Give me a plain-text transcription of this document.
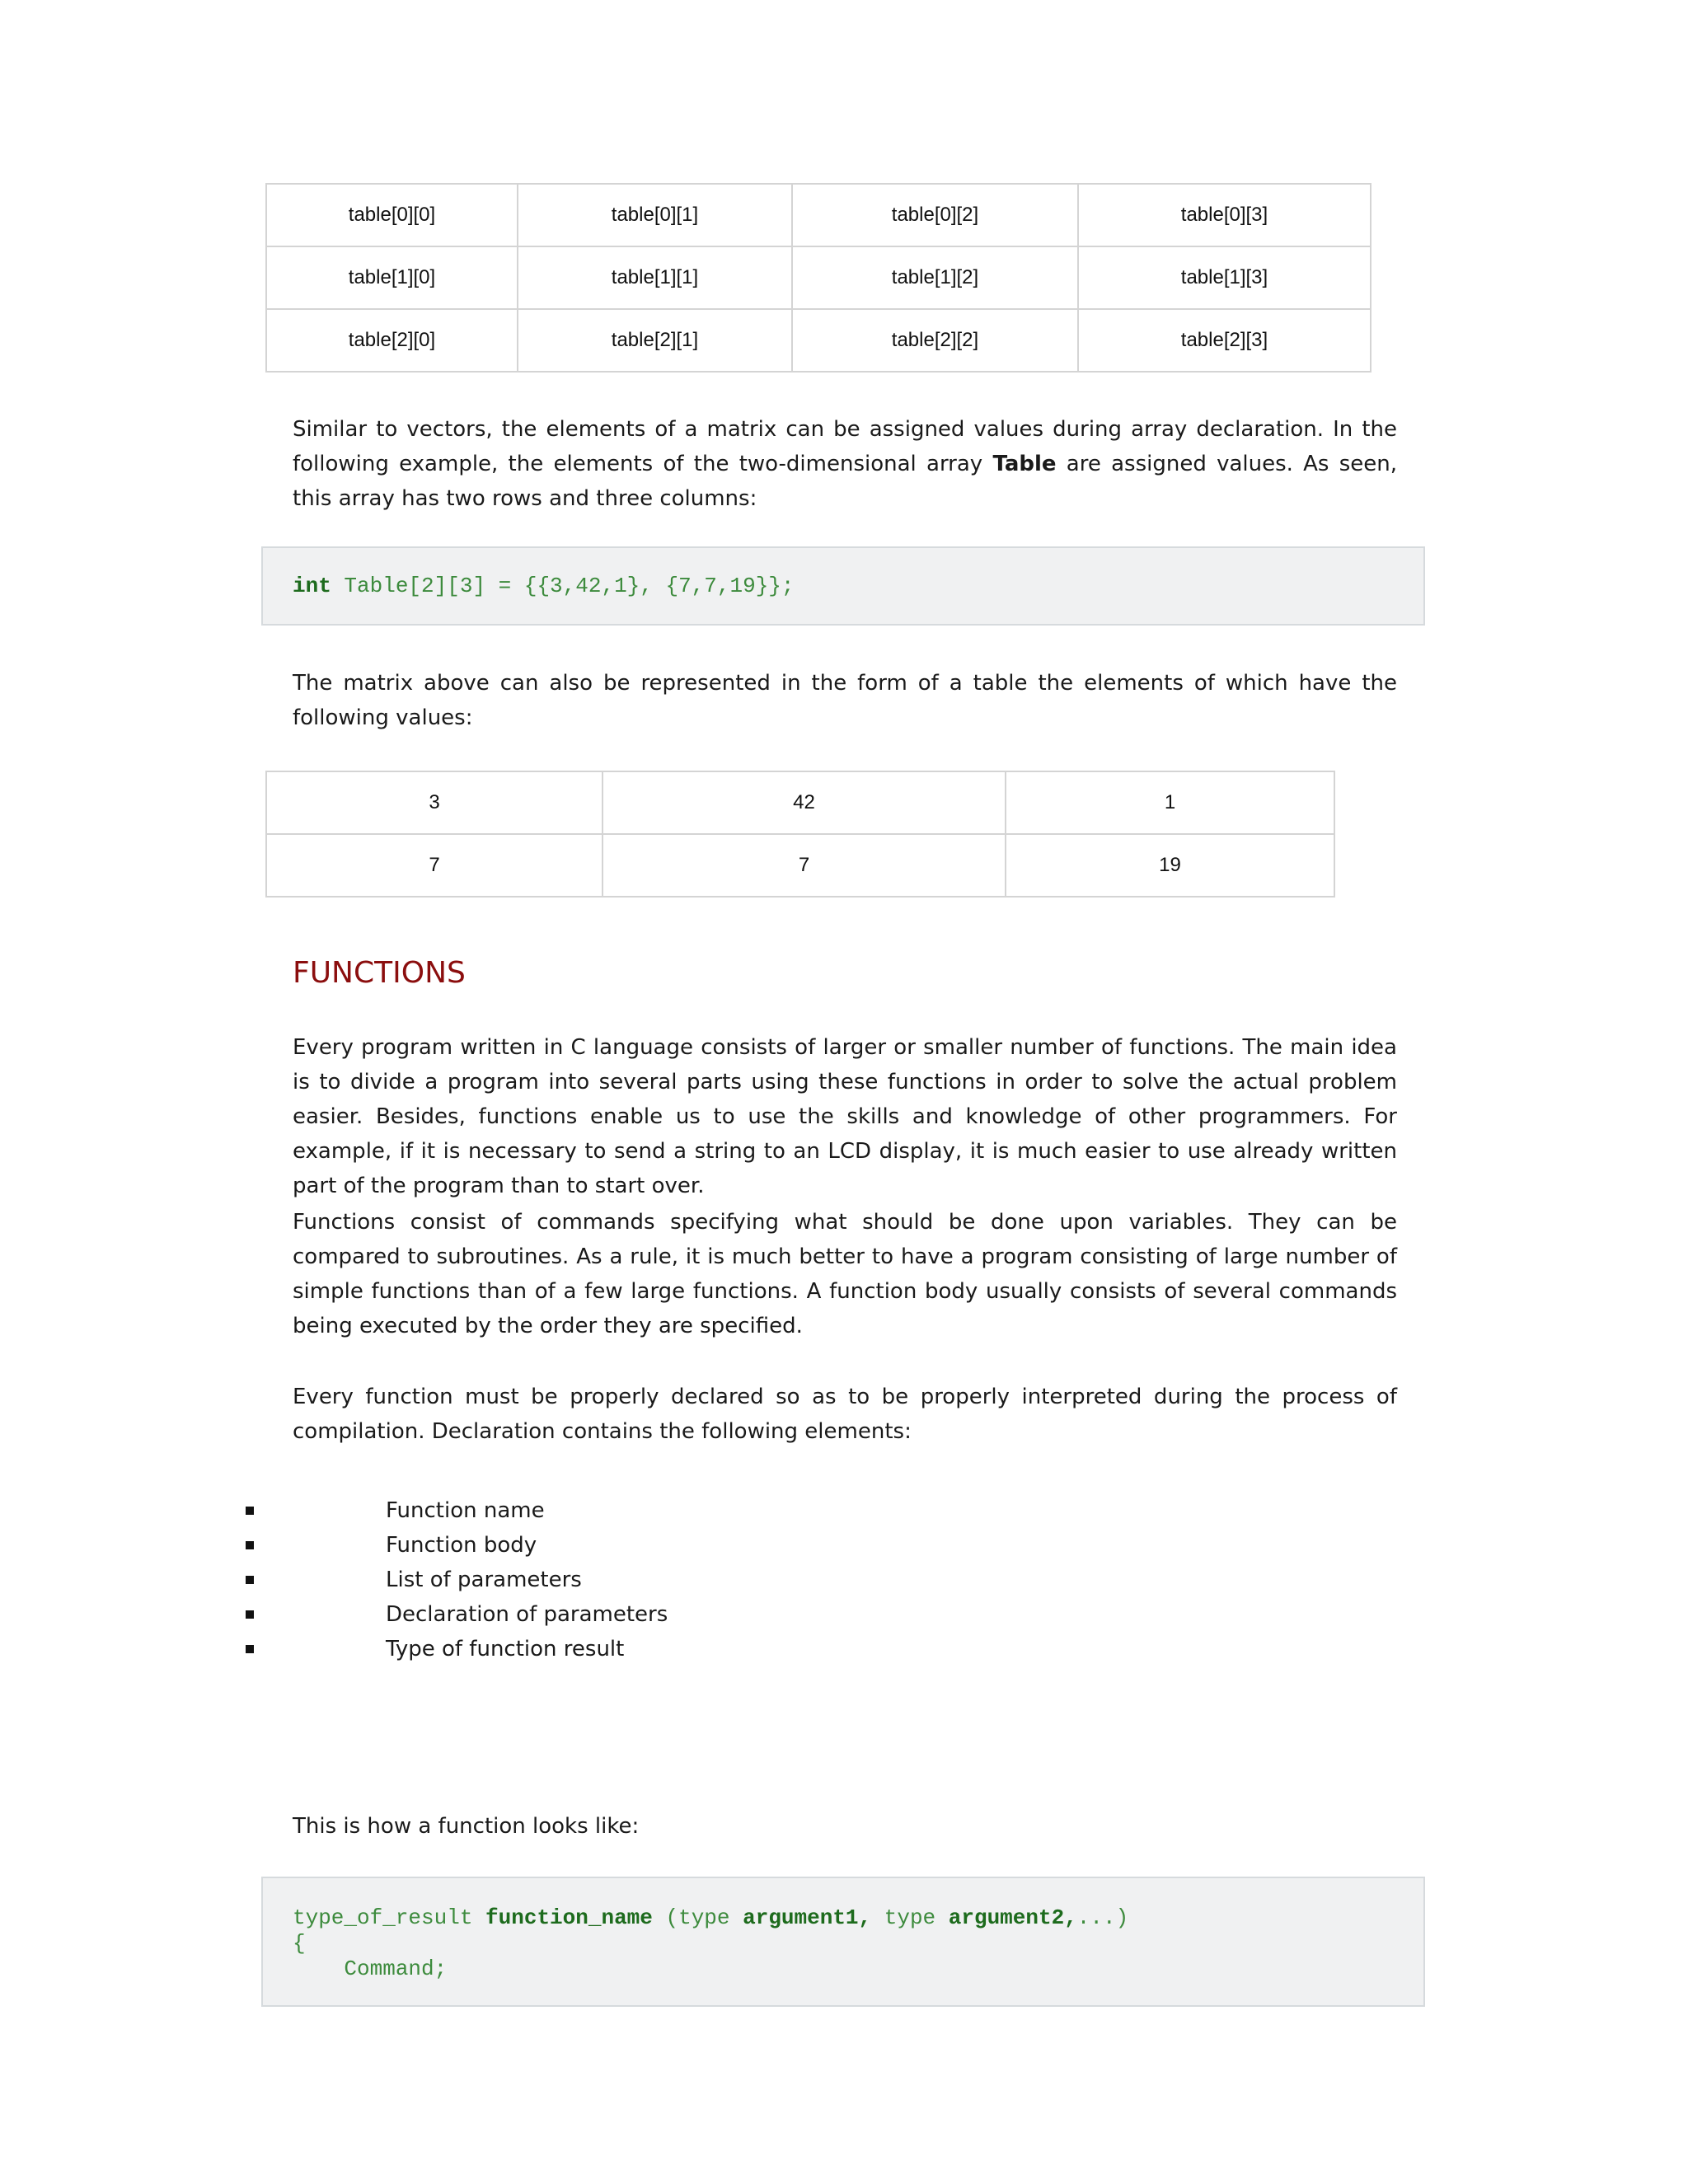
table[0][0]	table[0][1]	table[0][2]	table[0][3]
table[1][0]	table[1][1]	table[1][2]	table[1][3]
table[2][0]	table[2][1]	table[2][2]	table[2][3]

Similar to vectors, the elements of a matrix can be assigned values during array declaration. In the following example, the elements of the two-dimensional array Table are assigned values. As seen, this array has two rows and three columns:

int Table[2][3] = {{3,42,1}, {7,7,19}};

The matrix above can also be represented in the form of a table the elements of which have the following values:

3	42	1
7	7	19
FUNCTIONS

Every program written in C language consists of larger or smaller number of functions. The main idea is to divide a program into several parts using these functions in order to solve the actual problem easier. Besides, functions enable us to use the skills and knowledge of other programmers. For example, if it is necessary to send a string to an LCD display, it is much easier to use already written part of the program than to start over.

Functions consist of commands specifying what should be done upon variables. They can be compared to subroutines. As a rule, it is much better to have a program consisting of large number of simple functions than of a few large functions. A function body usually consists of several commands being executed by the order they are specified.

Every function must be properly declared so as to be properly interpreted during the process of compilation. Declaration contains the following elements:

Function name
Function body
List of parameters
Declaration of parameters
Type of function result

This is how a function looks like:

type_of_result function_name (type argument1, type argument2,...)
{
Command;
